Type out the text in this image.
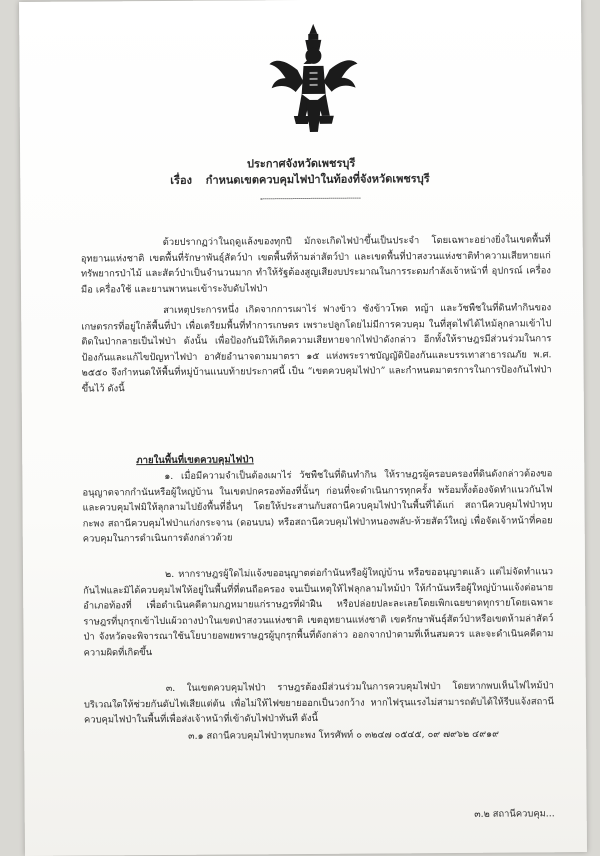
ประกาศจังหวัดเพชรบุรี
เรื่อง กำหนดเขตควบคุมไฟป่าในท้องที่จังหวัดเพชรบุรี

ด้วยปรากฏว่าในฤดูแล้งของทุกปี มักจะเกิดไฟป่าขึ้นเป็นประจำ โดยเฉพาะอย่างยิ่งในเขตพื้นที่อุทยานแห่งชาติ เขตพื้นที่รักษาพันธุ์สัตว์ป่า เขตพื้นที่ห้ามล่าสัตว์ป่า และเขตพื้นที่ป่าสงวนแห่งชาติทำความเสียหายแก่ทรัพยากรป่าไม้ และสัตว์ป่าเป็นจำนวนมาก ทำให้รัฐต้องสูญเสียงบประมาณในการระดมกำลังเจ้าหน้าที่ อุปกรณ์ เครื่องมือ เครื่องใช้ และยานพาหนะเข้าระงับดับไฟป่า

สาเหตุประการหนึ่ง เกิดจากการเผาไร่ ฟางข้าว ซังข้าวโพด หญ้า และวัชพืชในที่ดินทำกินของเกษตรกรที่อยู่ใกล้พื้นที่ป่า เพื่อเตรียมพื้นที่ทำการเกษตร เพราะปลูกโดยไม่มีการควบคุม ในที่สุดไฟได้ไหม้ลุกลามเข้าไปติดในป่ากลายเป็นไฟป่า ดังนั้น เพื่อป้องกันมิให้เกิดความเสียหายจากไฟป่าดังกล่าว อีกทั้งให้ราษฎรมีส่วนร่วมในการป้องกันและแก้ไขปัญหาไฟป่า อาศัยอำนาจตามมาตรา ๑๕ แห่งพระราชบัญญัติป้องกันและบรรเทาสาธารณภัย พ.ศ. ๒๕๕๐ จึงกำหนดให้พื้นที่หมู่บ้านแนบท้ายประกาศนี้ เป็น “เขตควบคุมไฟป่า” และกำหนดมาตรการในการป้องกันไฟป่าขึ้นไว้ ดังนี้

ภายในพื้นที่เขตควบคุมไฟป่า

๑. เมื่อมีความจำเป็นต้องเผาไร่ วัชพืชในที่ดินทำกิน ให้ราษฎรผู้ครอบครองที่ดินดังกล่าวต้องขออนุญาตจากกำนันหรือผู้ใหญ่บ้าน ในเขตปกครองท้องที่นั้นๆ ก่อนที่จะดำเนินการทุกครั้ง พร้อมทั้งต้องจัดทำแนวกันไฟ และควบคุมไฟมิให้ลุกลามไปยังพื้นที่อื่นๆ โดยให้ประสานกับสถานีควบคุมไฟป่าในพื้นที่ได้แก่ สถานีควบคุมไฟป่าหุบกะพง สถานีควบคุมไฟป่าแก่งกระจาน (ดอนบน) หรือสถานีควบคุมไฟป่าหนองพลับ-ห้วยสัตว์ใหญ่ เพื่อจัดเจ้าหน้าที่คอยควบคุมในการดำเนินการดังกล่าวด้วย

๒. หากราษฎรผู้ใดไม่แจ้งขออนุญาตต่อกำนันหรือผู้ใหญ่บ้าน หรือขออนุญาตแล้ว แต่ไม่จัดทำแนวกันไฟและมิได้ควบคุมไฟให้อยู่ในพื้นที่ที่ตนถือครอง จนเป็นเหตุให้ไฟลุกลามไหม้ป่า ให้กำนันหรือผู้ใหญ่บ้านแจ้งต่อนายอำเภอท้องที่ เพื่อดำเนินคดีตามกฎหมายแก่ราษฎรที่ฝ่าฝืน หรือปล่อยปละละเลยโดยเพิกเฉยขาดทุกรายโดยเฉพาะราษฎรที่บุกรุกเข้าไปแผ้วถางป่าในเขตป่าสงวนแห่งชาติ เขตอุทยานแห่งชาติ เขตรักษาพันธุ์สัตว์ป่าหรือเขตห้ามล่าสัตว์ป่า จังหวัดจะพิจารณาใช้นโยบายอพยพราษฎรผู้บุกรุกพื้นที่ดังกล่าว ออกจากป่าตามที่เห็นสมควร และจะดำเนินคดีตามความผิดที่เกิดขึ้น

๓. ในเขตควบคุมไฟป่า ราษฎรต้องมีส่วนร่วมในการควบคุมไฟป่า โดยหากพบเห็นไฟไหม้ป่าบริเวณใดให้ช่วยกันดับไฟเสียแต่ต้น เพื่อไม่ให้ไฟขยายออกเป็นวงกว้าง หากไฟรุนแรงไม่สามารถดับได้ให้รีบแจ้งสถานีควบคุมไฟป่าในพื้นที่เพื่อส่งเจ้าหน้าที่เข้าดับไฟป่าทันที ดังนี้

๓.๑ สถานีควบคุมไฟป่าหุบกะพง โทรศัพท์ ๐ ๓๒๔๗ ๐๕๔๕, ๐๙ ๗๙๖๒ ๔๙๑๙

๓.๒ สถานีควบคุม...
